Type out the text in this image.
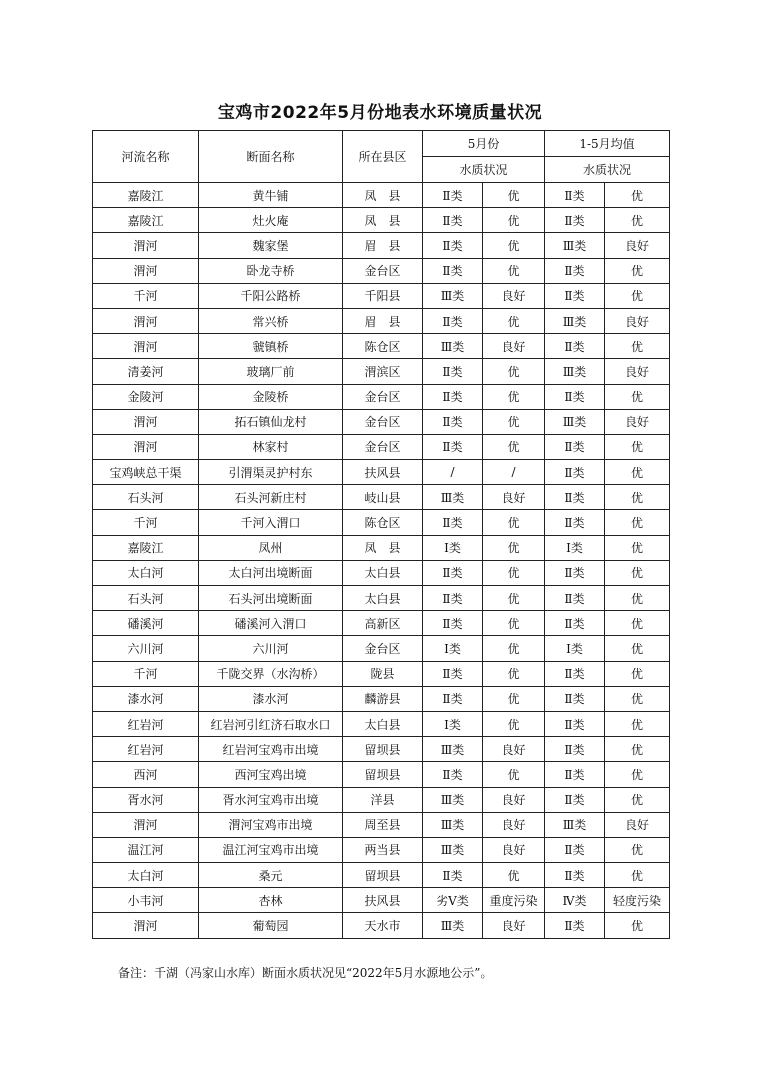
宝鸡市2022年5月份地表水环境质量状况
河流名称	断面名称	所在县区	5月份		1-5月均值	
			水质状况		水质状况	
嘉陵江	黄牛铺	凤　县	Ⅱ类	优	Ⅱ类	优
嘉陵江	灶火庵	凤　县	Ⅱ类	优	Ⅱ类	优
渭河	魏家堡	眉　县	Ⅱ类	优	Ⅲ类	良好
渭河	卧龙寺桥	金台区	Ⅱ类	优	Ⅱ类	优
千河	千阳公路桥	千阳县	Ⅲ类	良好	Ⅱ类	优
渭河	常兴桥	眉　县	Ⅱ类	优	Ⅲ类	良好
渭河	虢镇桥	陈仓区	Ⅲ类	良好	Ⅱ类	优
清姜河	玻璃厂前	渭滨区	Ⅱ类	优	Ⅲ类	良好
金陵河	金陵桥	金台区	Ⅱ类	优	Ⅱ类	优
渭河	拓石镇仙龙村	金台区	Ⅱ类	优	Ⅲ类	良好
渭河	林家村	金台区	Ⅱ类	优	Ⅱ类	优
宝鸡峡总干渠	引渭渠灵护村东	扶风县	/	/	Ⅱ类	优
石头河	石头河新庄村	岐山县	Ⅲ类	良好	Ⅱ类	优
千河	千河入渭口	陈仓区	Ⅱ类	优	Ⅱ类	优
嘉陵江	凤州	凤　县	Ⅰ类	优	Ⅰ类	优
太白河	太白河出境断面	太白县	Ⅱ类	优	Ⅱ类	优
石头河	石头河出境断面	太白县	Ⅱ类	优	Ⅱ类	优
磻溪河	磻溪河入渭口	高新区	Ⅱ类	优	Ⅱ类	优
六川河	六川河	金台区	Ⅰ类	优	Ⅰ类	优
千河	千陇交界（水沟桥）	陇县	Ⅱ类	优	Ⅱ类	优
漆水河	漆水河	麟游县	Ⅱ类	优	Ⅱ类	优
红岩河	红岩河引红济石取水口	太白县	Ⅰ类	优	Ⅱ类	优
红岩河	红岩河宝鸡市出境	留坝县	Ⅲ类	良好	Ⅱ类	优
西河	西河宝鸡出境	留坝县	Ⅱ类	优	Ⅱ类	优
胥水河	胥水河宝鸡市出境	洋县	Ⅲ类	良好	Ⅱ类	优
渭河	渭河宝鸡市出境	周至县	Ⅲ类	良好	Ⅲ类	良好
温江河	温江河宝鸡市出境	两当县	Ⅲ类	良好	Ⅱ类	优
太白河	桑元	留坝县	Ⅱ类	优	Ⅱ类	优
小韦河	杏林	扶风县	劣Ⅴ类	重度污染	Ⅳ类	轻度污染
渭河	葡萄园	天水市	Ⅲ类	良好	Ⅱ类	优
备注：千湖（冯家山水库）断面水质状况见“2022年5月水源地公示”。
